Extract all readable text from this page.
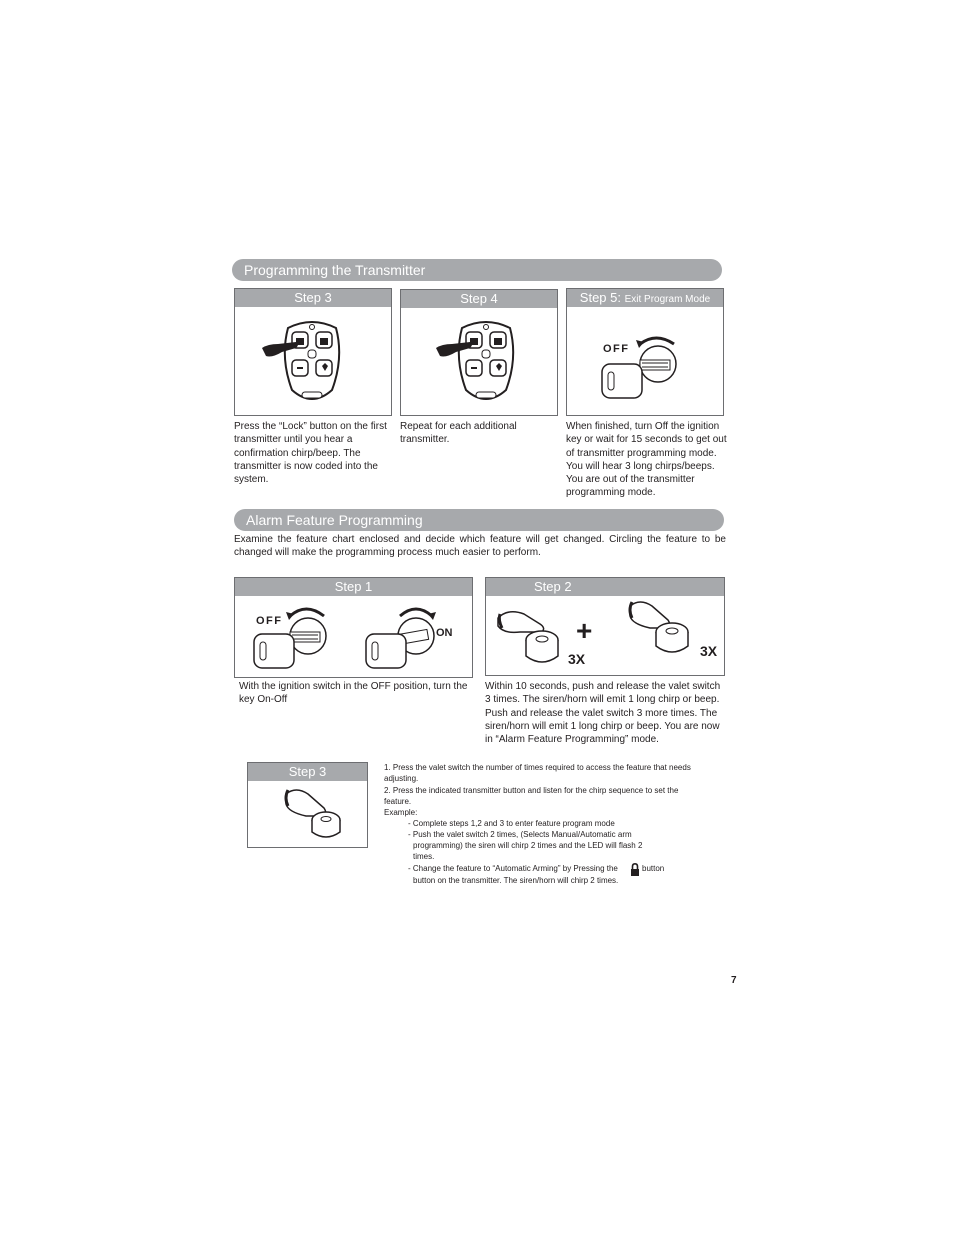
Programming the Transmitter
Step 3	Step 4	Step 5: Exit Program Mode
OFF
Press the “Lock” button on the first transmitter until you hear a confirmation chirp/beep. The transmitter is now coded into the system.
Repeat for each additional transmitter.
When finished, turn Off the ignition key or wait for 15 seconds to get out of transmitter programming mode. You will hear 3 long chirps/beeps. You are out of the transmitter programming mode.
Alarm Feature Programming
Examine the feature chart enclosed and decide which feature will get changed. Circling the feature to be changed will make the programming process much easier to perform.
Step 1
OFF
ON
With the ignition switch in the OFF position, turn the key On-Off
Step 2
+
3X	3X
Within 10 seconds, push and release the valet switch 3 times. The siren/horn will emit 1 long chirp or beep. Push and release the valet switch 3 more times. The siren/horn will emit 1 long chirp or beep. You are now in “Alarm Feature Programming” mode.
Step 3	1. Press the valet switch the number of times required to access the feature that needs adjusting.
2. Press the indicated transmitter button and listen for the chirp sequence to set the feature.
Example:
- Complete steps 1,2 and 3 to enter feature program mode
- Push the valet switch 2 times, (Selects Manual/Automatic arm programming) the siren will chirp 2 times and the LED will flash 2 times.
- Change the feature to “Automatic Arming” by Pressing the	button
button on the transmitter. The siren/horn will chirp 2 times.
7
